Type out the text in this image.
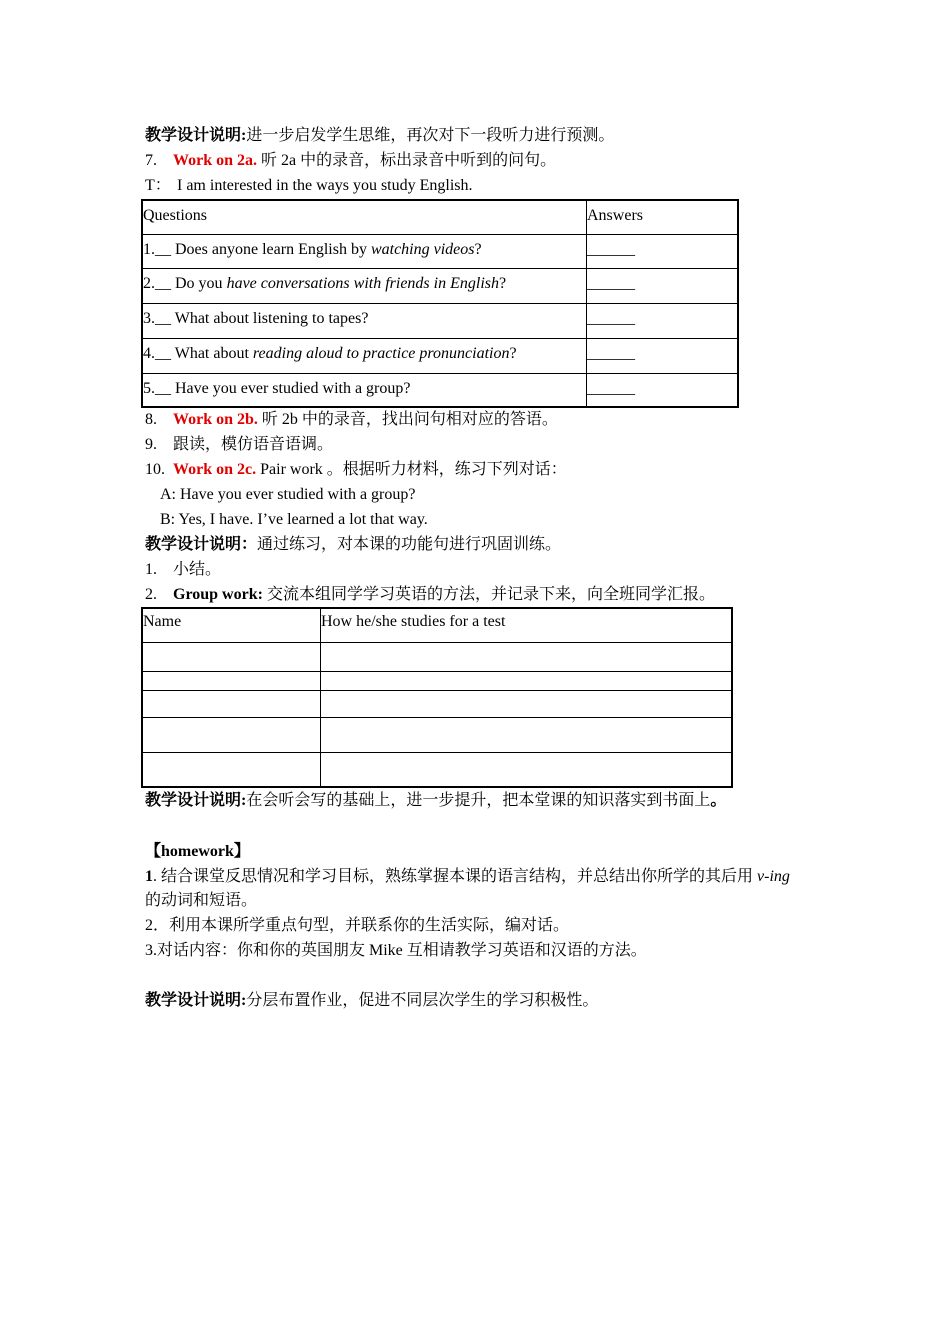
教学设计说明:进一步启发学生思维，再次对下一段听力进行预测。
7. Work on 2a. 听 2a 中的录音，标出录音中听到的问句。
T： I am interested in the ways you study English.
Questions	Answers
1.__ Does anyone learn English by watching videos?	______
2.__ Do you have conversations with friends in English?	______
3.__ What about listening to tapes?	______
4.__ What about reading aloud to practice pronunciation?	______
5.__ Have you ever studied with a group?	______
8. Work on 2b. 听 2b 中的录音，找出问句相对应的答语。
9. 跟读，模仿语音语调。
10. Work on 2c. Pair work 。根据听力材料，练习下列对话：
A: Have you ever studied with a group?
B: Yes, I have. I’ve learned a lot that way.
教学设计说明：通过练习，对本课的功能句进行巩固训练。
1. 小结。
2. Group work: 交流本组同学学习英语的方法，并记录下来，向全班同学汇报。
Name	How he/she studies for a test

教学设计说明:在会听会写的基础上，进一步提升，把本堂课的知识落实到书面上。
【homework】
1. 结合课堂反思情况和学习目标，熟练掌握本课的语言结构，并总结出你所学的其后用 v-ing
的动词和短语。
2．利用本课所学重点句型，并联系你的生活实际，编对话。
3.对话内容：你和你的英国朋友 Mike 互相请教学习英语和汉语的方法。
教学设计说明:分层布置作业，促进不同层次学生的学习积极性。
